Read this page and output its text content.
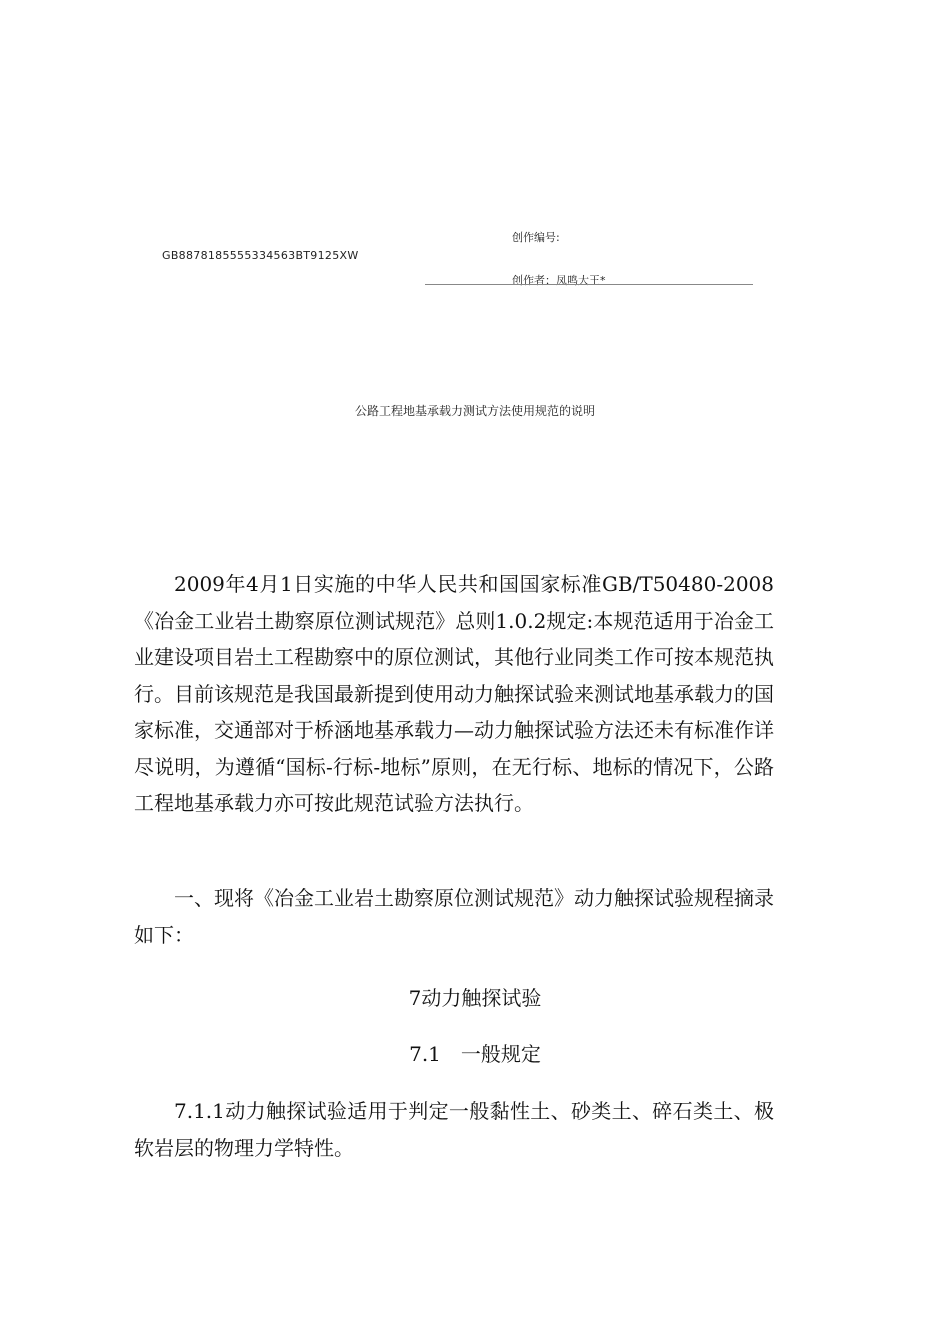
创作编号:
GB8878185555334563BT9125XW
创作者：凤鸣大王*
公路工程地基承载力测试方法使用规范的说明

2009年4月1日实施的中华人民共和国国家标准GB/T50480-2008《冶金工业岩土勘察原位测试规范》总则1.0.2规定:本规范适用于冶金工业建设项目岩土工程勘察中的原位测试，其他行业同类工作可按本规范执行。目前该规范是我国最新提到使用动力触探试验来测试地基承载力的国家标准，交通部对于桥涵地基承载力—动力触探试验方法还未有标准作详尽说明，为遵循“国标-行标-地标”原则，在无行标、地标的情况下，公路工程地基承载力亦可按此规范试验方法执行。

一、现将《冶金工业岩土勘察原位测试规范》动力触探试验规程摘录如下：

7动力触探试验

7.1　一般规定

7.1.1动力触探试验适用于判定一般黏性土、砂类土、碎石类土、极软岩层的物理力学特性。
